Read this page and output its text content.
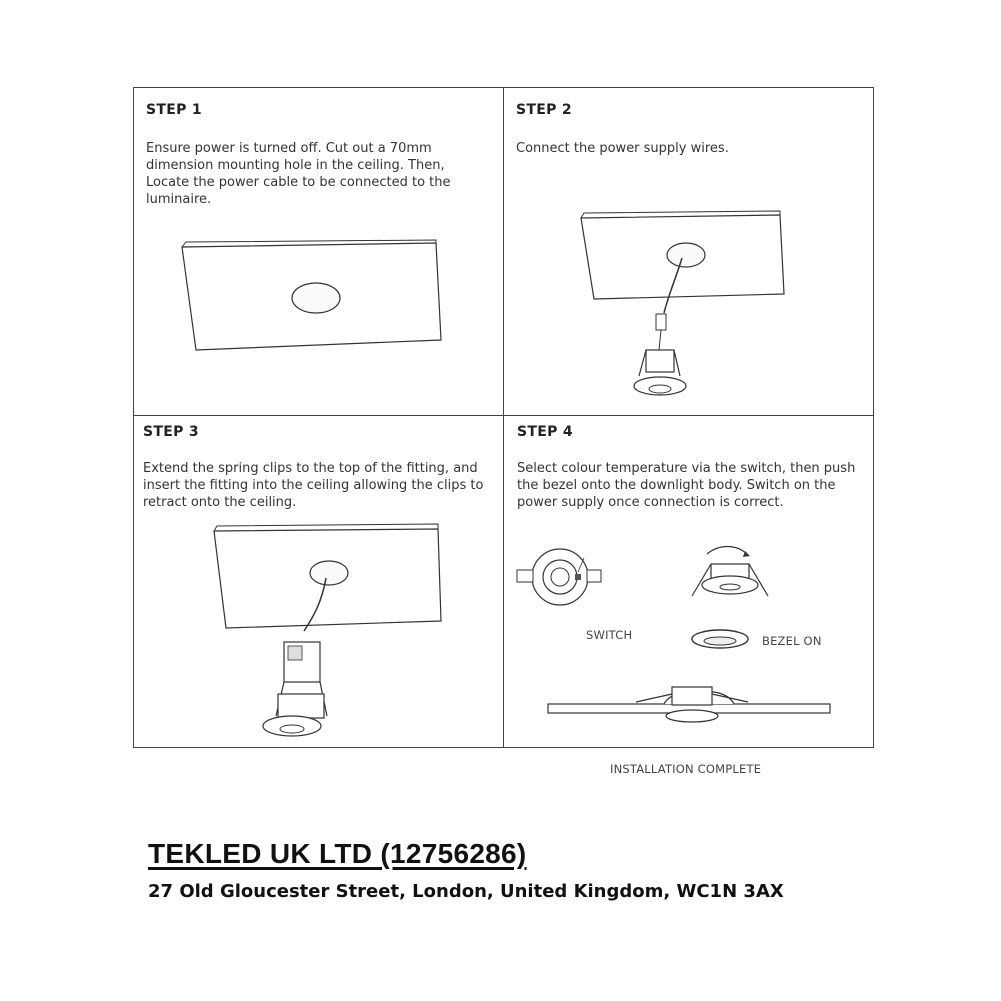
STEP 1
Ensure power is turned off. Cut out a 70mm dimension mounting hole in the ceiling. Then, Locate the power cable to be connected to the luminaire.
STEP 2
Connect the power supply wires.
STEP 3
Extend the spring clips to the top of the fitting, and insert the fitting into the ceiling allowing the clips to retract onto the ceiling.
STEP 4
Select colour temperature via the switch, then push the bezel onto the downlight body. Switch on the power supply once connection is correct.
SWITCH	BEZEL ON
INSTALLATION COMPLETE
TEKLED UK LTD (12756286)
27 Old Gloucester Street, London, United Kingdom, WC1N 3AX
